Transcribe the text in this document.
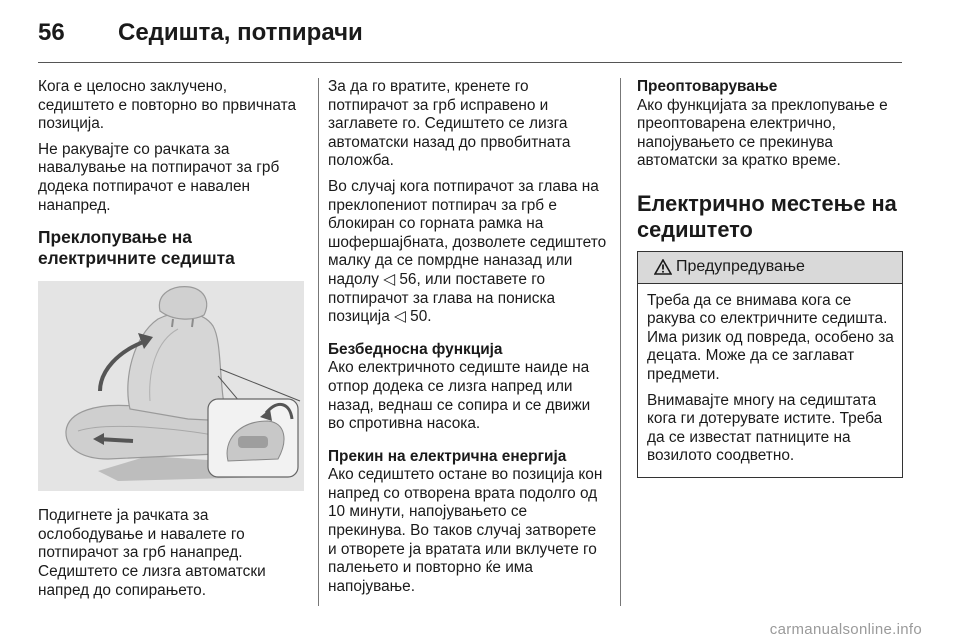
56	Седишта, потпирачи

Кога е целосно заклучено, седиштето е повторно во првичната позиција.

Не ракувајте со рачката за навалување на потпирачот за грб додека потпирачот е навален нанапред.

Преклопување на електричните седишта

Подигнете ја рачката за ослободување и навалете го потпирачот за грб нанапред. Седиштето се лизга автоматски напред до сопирањето.

За да го вратите, кренете го потпирачот за грб исправено и заглавете го. Седиштето се лизга автоматски назад до првобитната положба.

Во случај кога потпирачот за глава на преклопениот потпирач за грб е блокиран со горната рамка на шофершајбната, дозволете седиштето малку да се помрдне наназад или надолу ◁ 56, или поставете го потпирачот за глава на пониска позиција ◁ 50.

Безбедносна функција

Ако електричното седиште наиде на отпор додека се лизга напред или назад, веднаш се сопира и се движи во спротивна насока.

Прекин на електрична енергија

Ако седиштето остане во позиција кон напред со отворена врата подолго од 10 минути, напојувањето се прекинува. Во таков случај затворете и отворете ја вратата или вклучете го палењето и повторно ќе има напојување.

Преоптоварување

Ако функцијата за преклопување е преоптоварена електрично, напојувањето се прекинува автоматски за кратко време.

Електрично местење на седиштето
Предупредување

Треба да се внимава кога се ракува со електричните седишта. Има ризик од повреда, особено за децата. Може да се заглават предмети.

Внимавајте многу на седиштата кога ги дотерувате истите. Треба да се известат патниците на возилото соодветно.

carmanualsonline.info
